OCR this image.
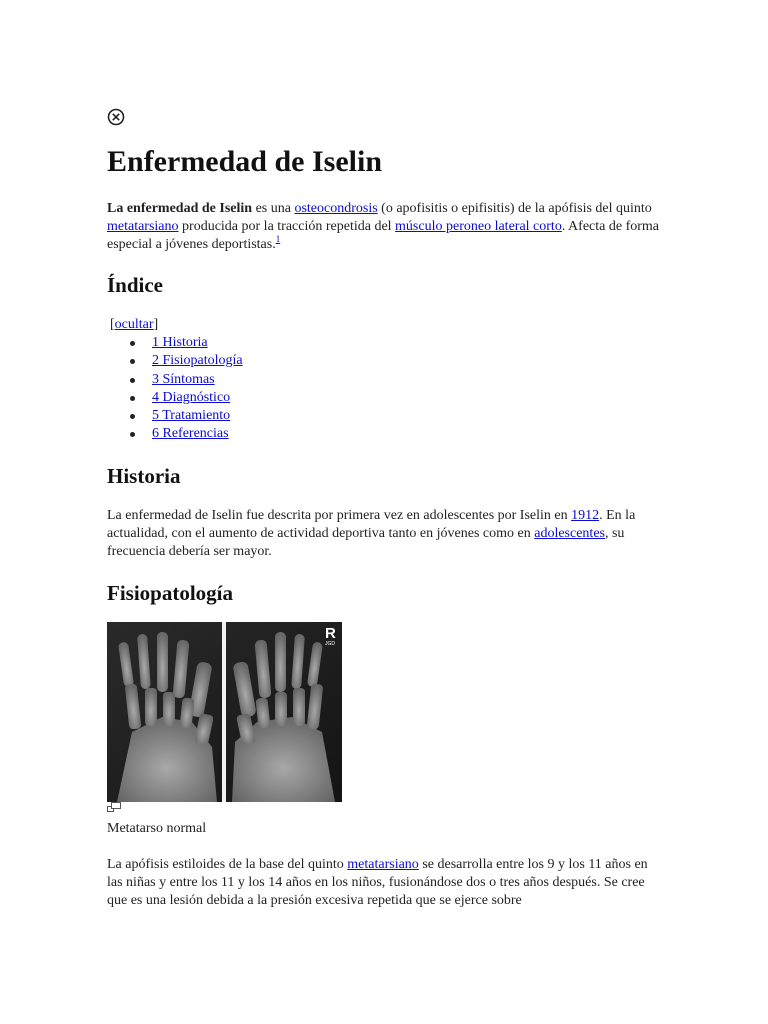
Enfermedad de Iselin

La enfermedad de Iselin es una osteocondrosis (o apofisitis o epifisitis) de la apófisis del quinto metatarsiano producida por la tracción repetida del músculo peroneo lateral corto. Afecta de forma especial a jóvenes deportistas.$^1$

Índice
[ocultar]
1 Historia
2 Fisiopatología
3 Síntomas
4 Diagnóstico
5 Tratamiento
6 Referencias
Historia

La enfermedad de Iselin fue descrita por primera vez en adolescentes por Iselin en 1912. En la actualidad, con el aumento de actividad deportiva tanto en jóvenes como en adolescentes, su frecuencia debería ser mayor.

Fisiopatología
R
JGD
Metatarso normal

La apófisis estiloides de la base del quinto metatarsiano se desarrolla entre los 9 y los 11 años en las niñas y entre los 11 y los 14 años en los niños, fusionándose dos o tres años después. Se cree que es una lesión debida a la presión excesiva repetida que se ejerce sobre
